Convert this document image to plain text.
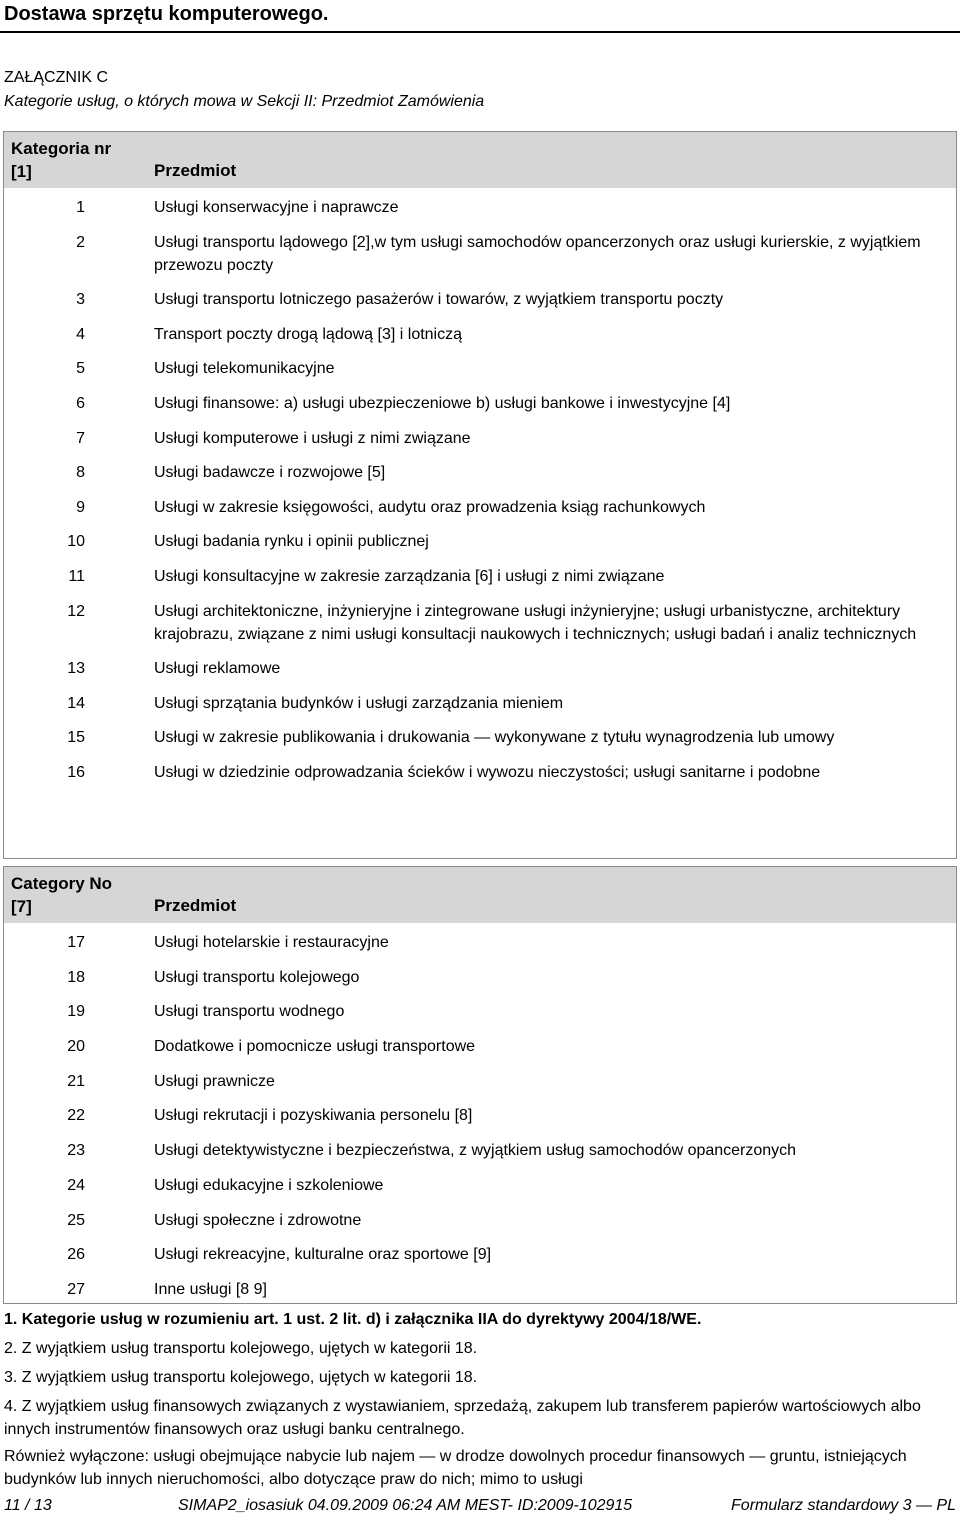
Dostawa sprzętu komputerowego.
ZAŁĄCZNIK C
Kategorie usług, o których mowa w Sekcji II: Przedmiot Zamówienia
Kategoria nr [1]	Przedmiot
1	Usługi konserwacyjne i naprawcze
2	Usługi transportu lądowego [2],w tym usługi samochodów opancerzonych oraz usługi kurierskie, z wyjątkiem przewozu poczty
3	Usługi transportu lotniczego pasażerów i towarów, z wyjątkiem transportu poczty
4	Transport poczty drogą lądową [3] i lotniczą
5	Usługi telekomunikacyjne
6	Usługi finansowe: a) usługi ubezpieczeniowe b) usługi bankowe i inwestycyjne [4]
7	Usługi komputerowe i usługi z nimi związane
8	Usługi badawcze i rozwojowe [5]
9	Usługi w zakresie księgowości, audytu oraz prowadzenia ksiąg rachunkowych
10	Usługi badania rynku i opinii publicznej
11	Usługi konsultacyjne w zakresie zarządzania [6] i usługi z nimi związane
12	Usługi architektoniczne, inżynieryjne i zintegrowane usługi inżynieryjne; usługi urbanistyczne, architektury krajobrazu, związane z nimi usługi konsultacji naukowych i technicznych; usługi badań i analiz technicznych
13	Usługi reklamowe
14	Usługi sprzątania budynków i usługi zarządzania mieniem
15	Usługi w zakresie publikowania i drukowania — wykonywane z tytułu wynagrodzenia lub umowy
16	Usługi w dziedzinie odprowadzania ścieków i wywozu nieczystości; usługi sanitarne i podobne
Category No [7]	Przedmiot
17	Usługi hotelarskie i restauracyjne
18	Usługi transportu kolejowego
19	Usługi transportu wodnego
20	Dodatkowe i pomocnicze usługi transportowe
21	Usługi prawnicze
22	Usługi rekrutacji i pozyskiwania personelu [8]
23	Usługi detektywistyczne i bezpieczeństwa, z wyjątkiem usług samochodów opancerzonych
24	Usługi edukacyjne i szkoleniowe
25	Usługi społeczne i zdrowotne
26	Usługi rekreacyjne, kulturalne oraz sportowe [9]
27	Inne usługi [8 9]

1. Kategorie usług w rozumieniu art. 1 ust. 2 lit. d) i załącznika IIA do dyrektywy 2004/18/WE.

2. Z wyjątkiem usług transportu kolejowego, ujętych w kategorii 18.

3. Z wyjątkiem usług transportu kolejowego, ujętych w kategorii 18.

4. Z wyjątkiem usług finansowych związanych z wystawianiem, sprzedażą, zakupem lub transferem papierów wartościowych albo innych instrumentów finansowych oraz usługi banku centralnego.

Również wyłączone: usługi obejmujące nabycie lub najem — w drodze dowolnych procedur finansowych — gruntu, istniejących budynków lub innych nieruchomości, albo dotyczące praw do nich; mimo to usługi

11 / 13	SIMAP2_iosasiuk 04.09.2009 06:24 AM MEST- ID:2009-102915	Formularz standardowy 3 — PL
